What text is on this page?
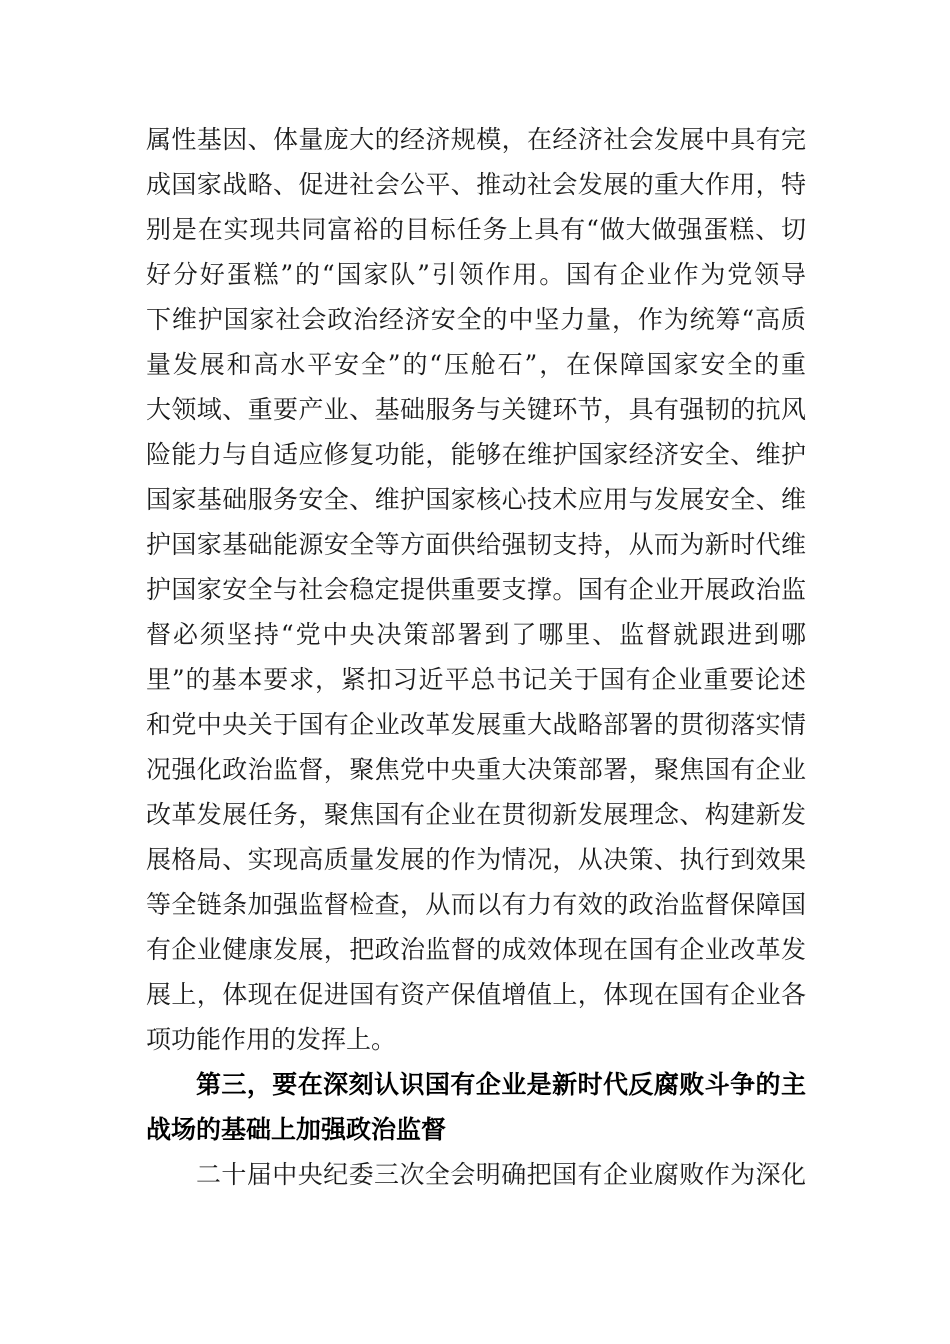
属性基因、体量庞大的经济规模，在经济社会发展中具有完
成国家战略、促进社会公平、推动社会发展的重大作用，特
别是在实现共同富裕的目标任务上具有“做大做强蛋糕、切
好分好蛋糕”的“国家队”引领作用。国有企业作为党领导
下维护国家社会政治经济安全的中坚力量，作为统筹“高质
量发展和高水平安全”的“压舱石”，在保障国家安全的重
大领域、重要产业、基础服务与关键环节，具有强韧的抗风
险能力与自适应修复功能，能够在维护国家经济安全、维护
国家基础服务安全、维护国家核心技术应用与发展安全、维
护国家基础能源安全等方面供给强韧支持，从而为新时代维
护国家安全与社会稳定提供重要支撑。国有企业开展政治监
督必须坚持“党中央决策部署到了哪里、监督就跟进到哪
里”的基本要求，紧扣习近平总书记关于国有企业重要论述
和党中央关于国有企业改革发展重大战略部署的贯彻落实情
况强化政治监督，聚焦党中央重大决策部署，聚焦国有企业
改革发展任务，聚焦国有企业在贯彻新发展理念、构建新发
展格局、实现高质量发展的作为情况，从决策、执行到效果
等全链条加强监督检查，从而以有力有效的政治监督保障国
有企业健康发展，把政治监督的成效体现在国有企业改革发
展上，体现在促进国有资产保值增值上，体现在国有企业各
项功能作用的发挥上。
第三，要在深刻认识国有企业是新时代反腐败斗争的主
战场的基础上加强政治监督
二十届中央纪委三次全会明确把国有企业腐败作为深化
